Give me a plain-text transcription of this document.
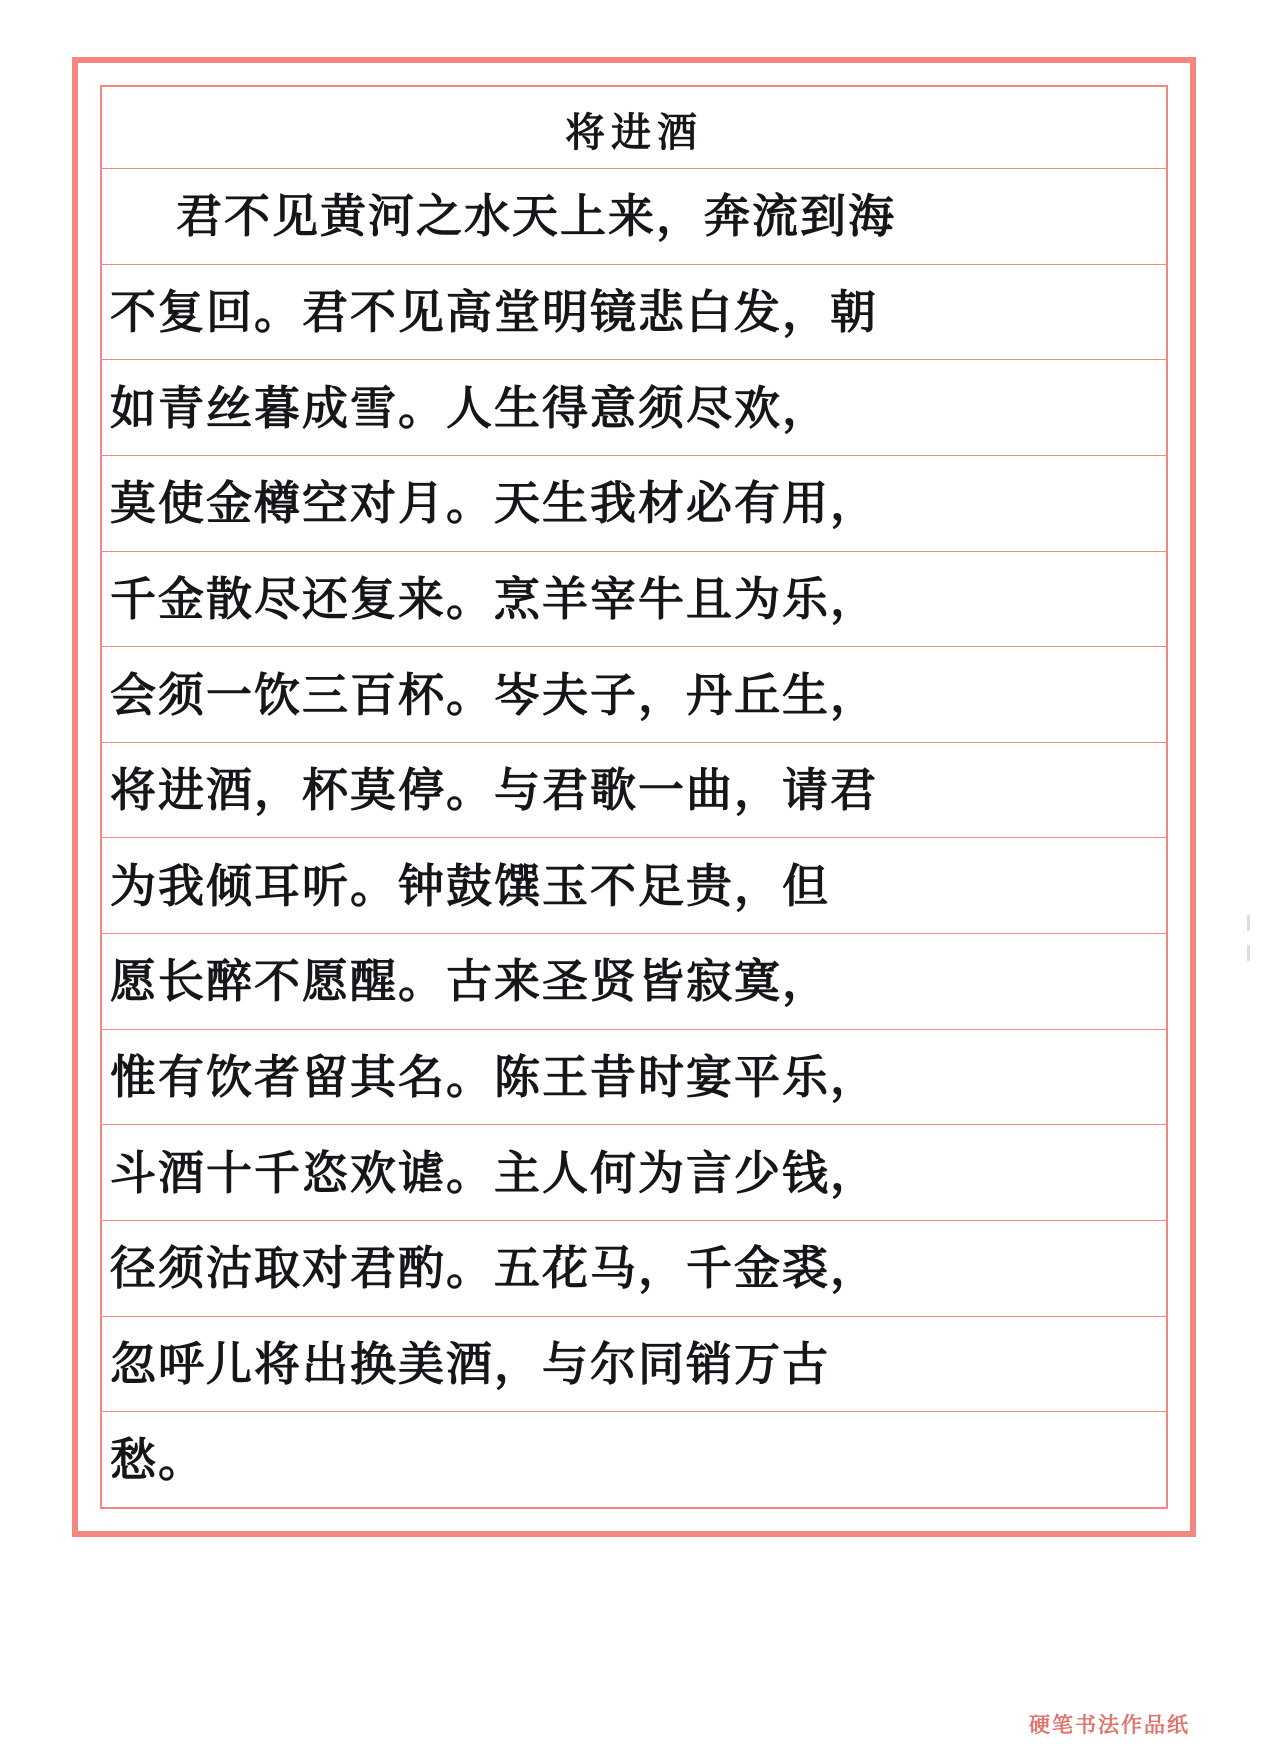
将进酒
君不见黄河之水天上来，奔流到海
不复回。君不见高堂明镜悲白发，朝
如青丝暮成雪。人生得意须尽欢，
莫使金樽空对月。天生我材必有用，
千金散尽还复来。烹羊宰牛且为乐，
会须一饮三百杯。岑夫子，丹丘生，
将进酒，杯莫停。与君歌一曲，请君
为我倾耳听。钟鼓馔玉不足贵，但
愿长醉不愿醒。古来圣贤皆寂寞，
惟有饮者留其名。陈王昔时宴平乐，
斗酒十千恣欢谑。主人何为言少钱，
径须沽取对君酌。五花马，千金裘，
忽呼儿将出换美酒，与尔同销万古
愁。
硬笔书法作品纸
